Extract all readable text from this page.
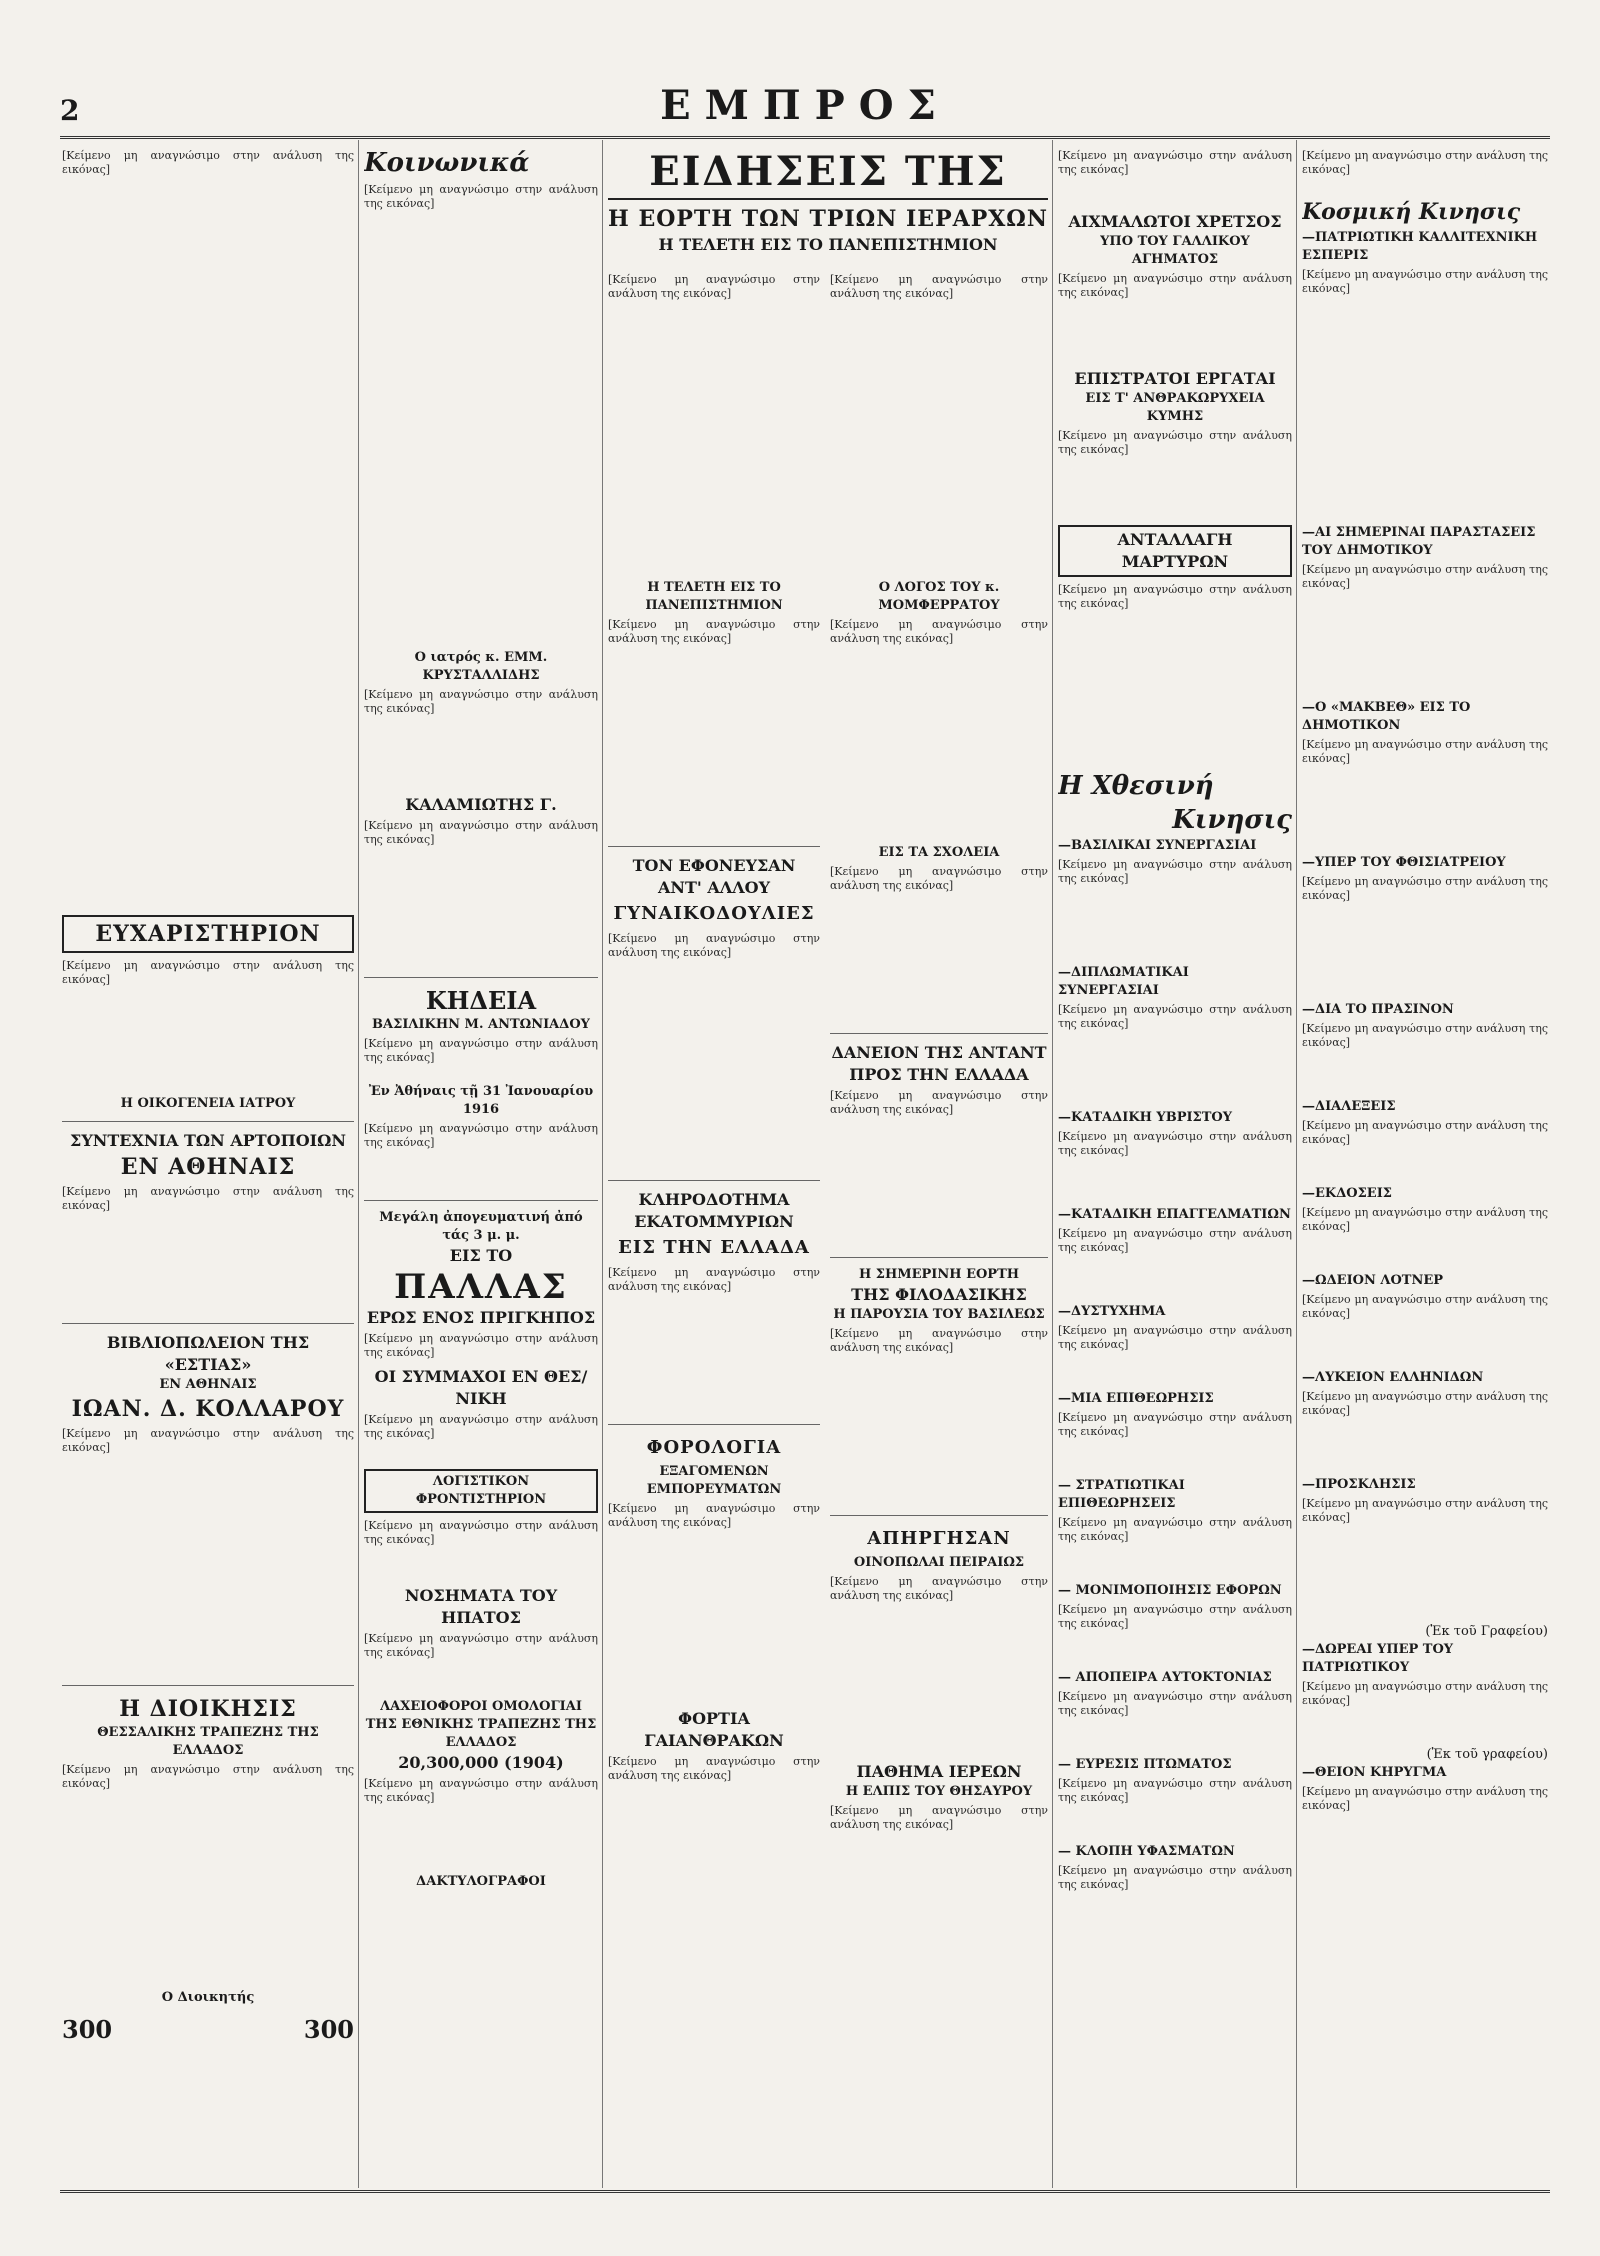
2	ΕΜΠΡΟΣ
[Κείμενο μη αναγνώσιμο στην ανάλυση της εικόνας]
ΕΥΧΑΡΙΣΤΗΡΙΟΝ
[Κείμενο μη αναγνώσιμο στην ανάλυση της εικόνας]
Η ΟΙΚΟΓΕΝΕΙΑ ΙΑΤΡΟΥ
ΣΥΝΤΕΧΝΙΑ ΤΩΝ ΑΡΤΟΠΟΙΩΝ
ΕΝ ΑΘΗΝΑΙΣ
[Κείμενο μη αναγνώσιμο στην ανάλυση της εικόνας]
ΒΙΒΛΙΟΠΩΛΕΙΟΝ ΤΗΣ «ΕΣΤΙΑΣ»
ΕΝ ΑΘΗΝΑΙΣ
ΙΩΑΝ. Δ. ΚΟΛΛΑΡΟΥ
[Κείμενο μη αναγνώσιμο στην ανάλυση της εικόνας]
Η ΔΙΟΙΚΗΣΙΣ
ΘΕΣΣΑΛΙΚΗΣ ΤΡΑΠΕΖΗΣ ΤΗΣ ΕΛΛΑΔΟΣ
[Κείμενο μη αναγνώσιμο στην ανάλυση της εικόνας]
Ο Διοικητής
300	300
Κοινωνικά
[Κείμενο μη αναγνώσιμο στην ανάλυση της εικόνας]
Ο ιατρός κ. ΕΜΜ. ΚΡΥΣΤΑΛΛΙΔΗΣ
[Κείμενο μη αναγνώσιμο στην ανάλυση της εικόνας]
ΚΑΛΑΜΙΩΤΗΣ Γ.
[Κείμενο μη αναγνώσιμο στην ανάλυση της εικόνας]
ΚΗΔΕΙΑ
ΒΑΣΙΛΙΚΗΝ Μ. ΑΝΤΩΝΙΑΔΟΥ
[Κείμενο μη αναγνώσιμο στην ανάλυση της εικόνας]
Ἐν Ἀθήναις τῇ 31 Ἰανουαρίου 1916
[Κείμενο μη αναγνώσιμο στην ανάλυση της εικόνας]
Μεγάλη ἀπογευματινή ἀπό τάς 3 μ. μ.
ΕΙΣ ΤΟ
ΠΑΛΛΑΣ
ΕΡΩΣ ΕΝΟΣ ΠΡΙΓΚΗΠΟΣ
[Κείμενο μη αναγνώσιμο στην ανάλυση της εικόνας]
ΟΙ ΣΥΜΜΑΧΟΙ ΕΝ ΘΕΣ/ΝΙΚΗ
[Κείμενο μη αναγνώσιμο στην ανάλυση της εικόνας]
ΛΟΓΙΣΤΙΚΟΝ ΦΡΟΝΤΙΣΤΗΡΙΟΝ
[Κείμενο μη αναγνώσιμο στην ανάλυση της εικόνας]
ΝΟΣΗΜΑΤΑ ΤΟΥ ΗΠΑΤΟΣ
[Κείμενο μη αναγνώσιμο στην ανάλυση της εικόνας]
ΛΑΧΕΙΟΦΟΡΟΙ ΟΜΟΛΟΓΙΑΙ
ΤΗΣ ΕΘΝΙΚΗΣ ΤΡΑΠΕΖΗΣ ΤΗΣ ΕΛΛΑΔΟΣ
20,300,000 (1904)
[Κείμενο μη αναγνώσιμο στην ανάλυση της εικόνας]
ΔΑΚΤΥΛΟΓΡΑΦΟΙ
ΕΙΔΗΣΕΙΣ ΤΗΣ
Η ΕΟΡΤΗ ΤΩΝ ΤΡΙΩΝ ΙΕΡΑΡΧΩΝ
Η ΤΕΛΕΤΗ ΕΙΣ ΤΟ ΠΑΝΕΠΙΣΤΗΜΙΟΝ
[Κείμενο μη αναγνώσιμο στην ανάλυση της εικόνας]
Η ΤΕΛΕΤΗ ΕΙΣ ΤΟ ΠΑΝΕΠΙΣΤΗΜΙΟΝ
[Κείμενο μη αναγνώσιμο στην ανάλυση της εικόνας]
ΤΟΝ ΕΦΟΝΕΥΣΑΝ ΑΝΤ' ΑΛΛΟΥ
ΓΥΝΑΙΚΟΔΟΥΛΙΕΣ
[Κείμενο μη αναγνώσιμο στην ανάλυση της εικόνας]
ΚΛΗΡΟΔΟΤΗΜΑ ΕΚΑΤΟΜΜΥΡΙΩΝ
ΕΙΣ ΤΗΝ ΕΛΛΑΔΑ
[Κείμενο μη αναγνώσιμο στην ανάλυση της εικόνας]
ΦΟΡΟΛΟΓΙΑ
ΕΞΑΓΟΜΕΝΩΝ ΕΜΠΟΡΕΥΜΑΤΩΝ
[Κείμενο μη αναγνώσιμο στην ανάλυση της εικόνας]
ΦΟΡΤΙΑ ΓΑΙΑΝΘΡΑΚΩΝ
[Κείμενο μη αναγνώσιμο στην ανάλυση της εικόνας]
[Κείμενο μη αναγνώσιμο στην ανάλυση της εικόνας]
Ο ΛΟΓΟΣ ΤΟΥ κ. ΜΟΜΦΕΡΡΑΤΟΥ
[Κείμενο μη αναγνώσιμο στην ανάλυση της εικόνας]
ΕΙΣ ΤΑ ΣΧΟΛΕΙΑ
[Κείμενο μη αναγνώσιμο στην ανάλυση της εικόνας]
ΔΑΝΕΙΟΝ ΤΗΣ ΑΝΤΑΝΤ
ΠΡΟΣ ΤΗΝ ΕΛΛΑΔΑ
[Κείμενο μη αναγνώσιμο στην ανάλυση της εικόνας]
Η ΣΗΜΕΡΙΝΗ ΕΟΡΤΗ
ΤΗΣ ΦΙΛΟΔΑΣΙΚΗΣ
Η ΠΑΡΟΥΣΙΑ ΤΟΥ ΒΑΣΙΛΕΩΣ
[Κείμενο μη αναγνώσιμο στην ανάλυση της εικόνας]
ΑΠΗΡΓΗΣΑΝ
ΟΙΝΟΠΩΛΑΙ ΠΕΙΡΑΙΩΣ
[Κείμενο μη αναγνώσιμο στην ανάλυση της εικόνας]
ΠΑΘΗΜΑ ΙΕΡΕΩΝ
Η ΕΛΠΙΣ ΤΟΥ ΘΗΣΑΥΡΟΥ
[Κείμενο μη αναγνώσιμο στην ανάλυση της εικόνας]
[Κείμενο μη αναγνώσιμο στην ανάλυση της εικόνας]
ΑΙΧΜΑΛΩΤΟΙ ΧΡΕΤΣΟΣ
ΥΠΟ ΤΟΥ ΓΑΛΛΙΚΟΥ ΑΓΗΜΑΤΟΣ
[Κείμενο μη αναγνώσιμο στην ανάλυση της εικόνας]
ΕΠΙΣΤΡΑΤΟΙ ΕΡΓΑΤΑΙ
ΕΙΣ Τ' ΑΝΘΡΑΚΩΡΥΧΕΙΑ ΚΥΜΗΣ
[Κείμενο μη αναγνώσιμο στην ανάλυση της εικόνας]
ΑΝΤΑΛΛΑΓΗ ΜΑΡΤΥΡΩΝ
[Κείμενο μη αναγνώσιμο στην ανάλυση της εικόνας]
Η Χθεσινή
Κινησις
—ΒΑΣΙΛΙΚΑΙ ΣΥΝΕΡΓΑΣΙΑΙ
[Κείμενο μη αναγνώσιμο στην ανάλυση της εικόνας]
—ΔΙΠΛΩΜΑΤΙΚΑΙ ΣΥΝΕΡΓΑΣΙΑΙ
[Κείμενο μη αναγνώσιμο στην ανάλυση της εικόνας]
—ΚΑΤΑΔΙΚΗ ΥΒΡΙΣΤΟΥ
[Κείμενο μη αναγνώσιμο στην ανάλυση της εικόνας]
—ΚΑΤΑΔΙΚΗ ΕΠΑΓΓΕΛΜΑΤΙΩΝ
[Κείμενο μη αναγνώσιμο στην ανάλυση της εικόνας]
—ΔΥΣΤΥΧΗΜΑ
[Κείμενο μη αναγνώσιμο στην ανάλυση της εικόνας]
—ΜΙΑ ΕΠΙΘΕΩΡΗΣΙΣ
[Κείμενο μη αναγνώσιμο στην ανάλυση της εικόνας]
— ΣΤΡΑΤΙΩΤΙΚΑΙ ΕΠΙΘΕΩΡΗΣΕΙΣ
[Κείμενο μη αναγνώσιμο στην ανάλυση της εικόνας]
— ΜΟΝΙΜΟΠΟΙΗΣΙΣ ΕΦΟΡΩΝ
[Κείμενο μη αναγνώσιμο στην ανάλυση της εικόνας]
— ΑΠΟΠΕΙΡΑ ΑΥΤΟΚΤΟΝΙΑΣ
[Κείμενο μη αναγνώσιμο στην ανάλυση της εικόνας]
— ΕΥΡΕΣΙΣ ΠΤΩΜΑΤΟΣ
[Κείμενο μη αναγνώσιμο στην ανάλυση της εικόνας]
— ΚΛΟΠΗ ΥΦΑΣΜΑΤΩΝ
[Κείμενο μη αναγνώσιμο στην ανάλυση της εικόνας]
[Κείμενο μη αναγνώσιμο στην ανάλυση της εικόνας]
Κοσμική Κινησις
—ΠΑΤΡΙΩΤΙΚΗ ΚΑΛΛΙΤΕΧΝΙΚΗ ΕΣΠΕΡΙΣ
[Κείμενο μη αναγνώσιμο στην ανάλυση της εικόνας]
—ΑΙ ΣΗΜΕΡΙΝΑΙ ΠΑΡΑΣΤΑΣΕΙΣ ΤΟΥ ΔΗΜΟΤΙΚΟΥ
[Κείμενο μη αναγνώσιμο στην ανάλυση της εικόνας]
—Ο «ΜΑΚΒΕΘ» ΕΙΣ ΤΟ ΔΗΜΟΤΙΚΟΝ
[Κείμενο μη αναγνώσιμο στην ανάλυση της εικόνας]
—ΥΠΕΡ ΤΟΥ ΦΘΙΣΙΑΤΡΕΙΟΥ
[Κείμενο μη αναγνώσιμο στην ανάλυση της εικόνας]
—ΔΙΑ ΤΟ ΠΡΑΣΙΝΟΝ
[Κείμενο μη αναγνώσιμο στην ανάλυση της εικόνας]
—ΔΙΑΛΕΞΕΙΣ
[Κείμενο μη αναγνώσιμο στην ανάλυση της εικόνας]
—ΕΚΔΟΣΕΙΣ
[Κείμενο μη αναγνώσιμο στην ανάλυση της εικόνας]
—ΩΔΕΙΟΝ ΛΟΤΝΕΡ
[Κείμενο μη αναγνώσιμο στην ανάλυση της εικόνας]
—ΛΥΚΕΙΟΝ ΕΛΛΗΝΙΔΩΝ
[Κείμενο μη αναγνώσιμο στην ανάλυση της εικόνας]
—ΠΡΟΣΚΛΗΣΙΣ
[Κείμενο μη αναγνώσιμο στην ανάλυση της εικόνας]
(Ἐκ τοῦ Γραφείου)
—ΔΩΡΕΑΙ ΥΠΕΡ ΤΟΥ ΠΑΤΡΙΩΤΙΚΟΥ
[Κείμενο μη αναγνώσιμο στην ανάλυση της εικόνας]
(Ἐκ τοῦ γραφείου)
—ΘΕΙΟΝ ΚΗΡΥΓΜΑ
[Κείμενο μη αναγνώσιμο στην ανάλυση της εικόνας]
